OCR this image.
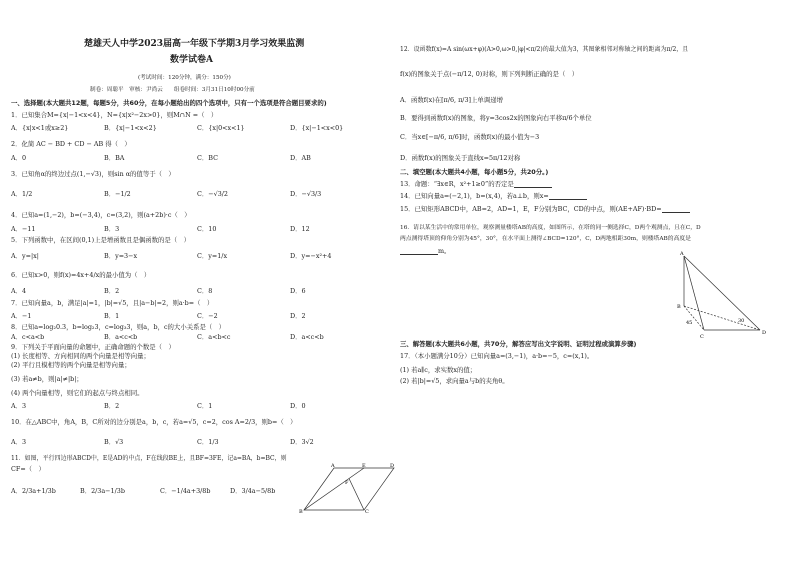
楚雄天人中学2023届高一年级下学期3月学习效果监测
数学试卷A
(考试时间：120分钟，满分：150分)
制卷：周聪平　审核：尹尚云　　组卷时间：3月31日10时00分前
一、选择题(本大题共12题，每题5分，共60分，在每小题给出的四个选项中，只有一个选项是符合题目要求的)
1．已知集合M={x|−1<x<4}，N={x|x²−2x>0}，则M∩N =（　）
A．{x|x<1或x≥2}	B．{x|−1<x<2}	C．{x|0<x<1}	D．{x|−1<x<0}
2．化简 AC − BD + CD − AB 得（　）
A．0	B．BA	C．BC	D．AB
3．已知角α的终边过点(1,−√3)，则sin α的值等于（　）
A．1/2	B．−1/2	C．−√3/2	D．−√3/3
4．已知a=(1,−2)，b=(−3,4)，c=(3,2)，则(a+2b)·c（　）
A．−11	B．3	C．10	D．12
5．下列函数中，在区间(0,1)上是增函数且是偶函数的是（　）
A．y=|x|	B．y=3−x	C．y=1/x	D．y=−x²+4
6．已知x>0，则f(x)=4x+4/x的最小值为（　）
A．4	B．2	C．8	D．6
7．已知向量a，b，满足|a|=1，|b|=√5，且|a−b|=2，则a·b=（　）
A．−1	B．1	C．−2	D．2
8．已知a=log₂0.3，b=log₂3，c=log₃3，则a，b，c的大小关系是（　）
A．c<a<b	B．a<c<b	C．a<b<c	D．a<c<b
9．下列关于平面向量的命题中，正确命题的个数是（　）
(1) 长度相等、方向相同的两个向量是相等向量；
(2) 平行且模相等的两个向量是相等向量；
(3) 若a≠b，则|a|≠|b|；
(4) 两个向量相等，则它们的起点与终点相同。
A．3	B．2	C．1	D．0
10．在△ABC中，角A，B，C所对的边分别是a，b，c，若a=√5，c=2，cos A=2/3，则b=（　）
A．3	B．√3	C．1/3	D．3√2
11．如图，平行四边形ABCD中，E是AD的中点，F在线段BE上，且BF=3FE，记a=BA，b=BC，则
CF=（　）
A．2/3a+1/3b	B．2/3a−1/3b	C．−1/4a+3/8b	D．3/4a−5/8b
B
A	D
C
E
F
12．设函数f(x)=A sin(ωx+φ)(A>0,ω>0,|φ|<π/2)的最大值为3，其图象相邻对称轴之间的距离为π/2，且
f(x)的图象关于点(−π/12, 0)对称，则下列判断正确的是（　）
A．函数f(x)在[π/6, π/3]上单调递增
B．要得到函数f(x)的图象，将y=3cos2x的图象向右平移π/6个单位
C．当x∈[−π/6, π/6]时，函数f(x)的最小值为−3
D．函数f(x)的图象关于直线x=5π/12对称
二、填空题(本大题共4小题，每小题5分，共20分。)
13．命题：“∃x∈R，x²+1≥0”的否定是
14．已知向量a=(−2,1)，b=(x,4)，若a⊥b，则x=
15．已知矩形ABCD中，AB=2，AD=1，E，F分别为BC，CD的中点，则(AE+AF)·BD=
16．请以某生活中的常用单位，观察测量楼塔AB的高度，如图所示，在塔的同一侧选择C，D两个观测点，且在C，D
两点测得塔顶的仰角分别为45°，30°，在水平面上测得∠BCD=120°，C，D两地相距30m，则楼塔AB的高度是
m。	A
B
C
D
45	30
三、解答题(本大题共6小题，共70分，解答应写出文字说明、证明过程或演算步骤)
17．（本小题满分10分）已知向量a=(3,−1)，a·b=−5，c=(x,1)。
(1) 若a∥c，求实数x的值；
(2) 若|b|=√5，求向量a与b的夹角θ。
